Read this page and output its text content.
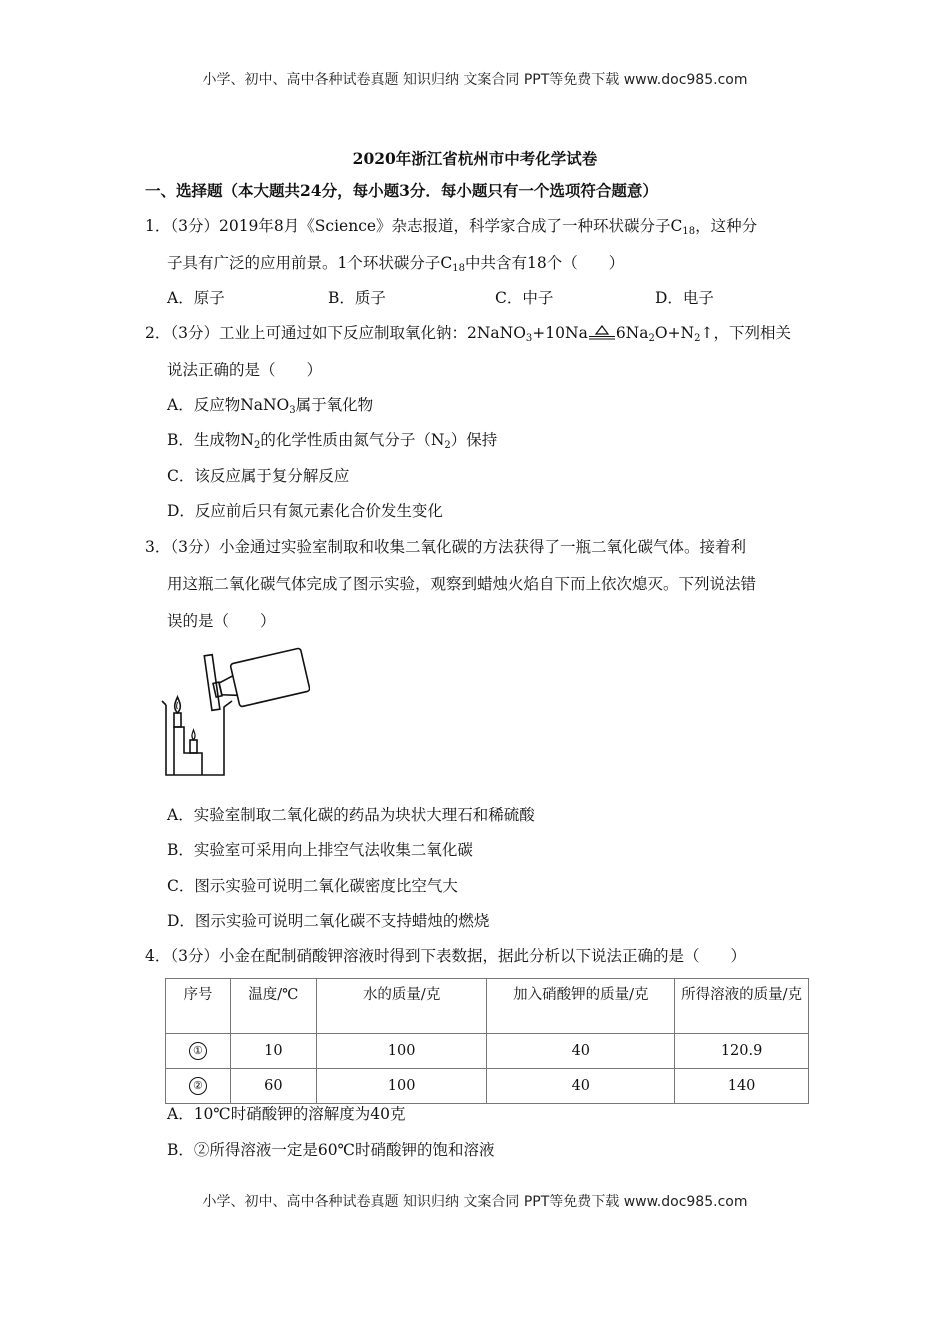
小学、初中、高中各种试卷真题 知识归纳 文案合同 PPT等免费下载 www.doc985.com
2020年浙江省杭州市中考化学试卷
一、选择题（本大题共24分，每小题3分．每小题只有一个选项符合题意）
1．（3分）2019年8月《Science》杂志报道，科学家合成了一种环状碳分子$C_{18}$，这种分
子具有广泛的应用前景。1个环状碳分子$C_{18}$中共含有18个（　　）
A．原子	B．质子	C．中子	D．电子
2．（3分）工业上可通过如下反应制取氧化钠：2NaNO$_3$+10Na $6Na_2O+N_2↑$，下列相关
说法正确的是（　　）
A．反应物NaNO$_3$属于氧化物
B．生成物$N_2$的化学性质由氮气分子$(N_2)$保持
C．该反应属于复分解反应
D．反应前后只有氮元素化合价发生变化
3．（3分）小金通过实验室制取和收集二氧化碳的方法获得了一瓶二氧化碳气体。接着利
用这瓶二氧化碳气体完成了图示实验，观察到蜡烛火焰自下而上依次熄灭。下列说法错
误的是（　　）
A．实验室制取二氧化碳的药品为块状大理石和稀硫酸
B．实验室可采用向上排空气法收集二氧化碳
C．图示实验可说明二氧化碳密度比空气大
D．图示实验可说明二氧化碳不支持蜡烛的燃烧
4．（3分）小金在配制硝酸钾溶液时得到下表数据，据此分析以下说法正确的是（　　）
序号	温度/℃	水的质量/克	加入硝酸钾的质量/克	所得溶液的质量/克
①	10	100	40	120.9
②	60	100	40	140
A．10℃时硝酸钾的溶解度为40克
B．②所得溶液一定是60℃时硝酸钾的饱和溶液
小学、初中、高中各种试卷真题 知识归纳 文案合同 PPT等免费下载 www.doc985.com
